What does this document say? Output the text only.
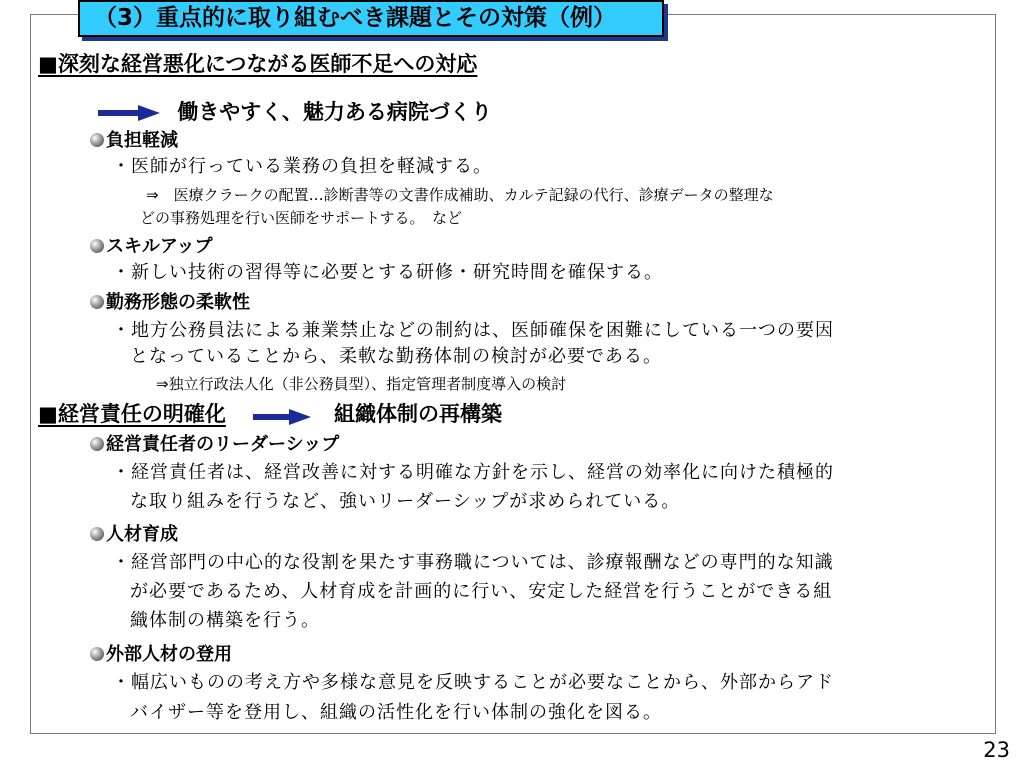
（3）重点的に取り組むべき課題とその対策（例）
■深刻な経営悪化につながる医師不足への対応
働きやすく、魅力ある病院づくり
負担軽減
・医師が行っている業務の負担を軽減する。
⇒　医療クラークの配置…診断書等の文書作成補助、カルテ記録の代行、診療データの整理な
どの事務処理を行い医師をサポートする。　など
スキルアップ
・新しい技術の習得等に必要とする研修・研究時間を確保する。
勤務形態の柔軟性
・地方公務員法による兼業禁止などの制約は、医師確保を困難にしている一つの要因
となっていることから、柔軟な勤務体制の検討が必要である。
⇒独立行政法人化（非公務員型）、指定管理者制度導入の検討
■経営責任の明確化	組織体制の再構築
経営責任者のリーダーシップ
・経営責任者は、経営改善に対する明確な方針を示し、経営の効率化に向けた積極的
な取り組みを行うなど、強いリーダーシップが求められている。
人材育成
・経営部門の中心的な役割を果たす事務職については、診療報酬などの専門的な知識
が必要であるため、人材育成を計画的に行い、安定した経営を行うことができる組
織体制の構築を行う。
外部人材の登用
・幅広いものの考え方や多様な意見を反映することが必要なことから、外部からアド
バイザー等を登用し、組織の活性化を行い体制の強化を図る。
23
